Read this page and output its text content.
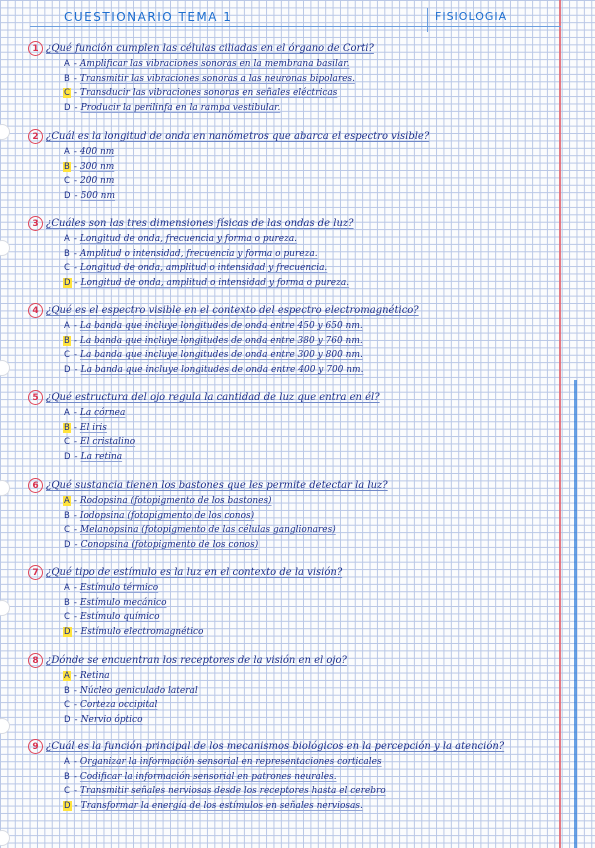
CUESTIONARIO TEMA 1	FISIOLOGIA
1 ¿Qué función cumplen las células ciliadas en el órgano de Corti?
A - Amplificar las vibraciones sonoras en la membrana basilar.
B - Transmitir las vibraciones sonoras a las neuronas bipolares.
C - Transducir las vibraciones sonoras en señales eléctricas
D - Producir la perilinfa en la rampa vestibular.
2 ¿Cuál es la longitud de onda en nanómetros que abarca el espectro visible?
A - 400 nm
B - 300 nm
C - 200 nm
D - 500 nm
3 ¿Cuáles son las tres dimensiones físicas de las ondas de luz?
A - Longitud de onda, frecuencia y forma o pureza.
B - Amplitud o intensidad, frecuencia y forma o pureza.
C - Longitud de onda, amplitud o intensidad y frecuencia.
D - Longitud de onda, amplitud o intensidad y forma o pureza.
4 ¿Qué es el espectro visible en el contexto del espectro electromagnético?
A - La banda que incluye longitudes de onda entre 450 y 650 nm.
B - La banda que incluye longitudes de onda entre 380 y 760 nm.
C - La banda que incluye longitudes de onda entre 300 y 800 nm.
D - La banda que incluye longitudes de onda entre 400 y 700 nm.
5 ¿Qué estructura del ojo regula la cantidad de luz que entra en él?
A - La córnea
B - El iris
C - El cristalino
D - La retina
6 ¿Qué sustancia tienen los bastones que les permite detectar la luz?
A - Rodopsina (fotopigmento de los bastones)
B - Iodopsina (fotopigmento de los conos)
C - Melanopsina (fotopigmento de las células ganglionares)
D - Conopsina (fotopigmento de los conos)
7 ¿Qué tipo de estímulo es la luz en el contexto de la visión?
A - Estímulo térmico
B - Estímulo mecánico
C - Estímulo químico
D - Estímulo electromagnético
8 ¿Dónde se encuentran los receptores de la visión en el ojo?
A - Retina
B - Núcleo geniculado lateral
C - Corteza occipital
D - Nervio óptico
9 ¿Cuál es la función principal de los mecanismos biológicos en la percepción y la atención?
A - Organizar la información sensorial en representaciones corticales
B - Codificar la información sensorial en patrones neurales.
C - Transmitir señales nerviosas desde los receptores hasta el cerebro
D - Transformar la energía de los estímulos en señales nerviosas.
